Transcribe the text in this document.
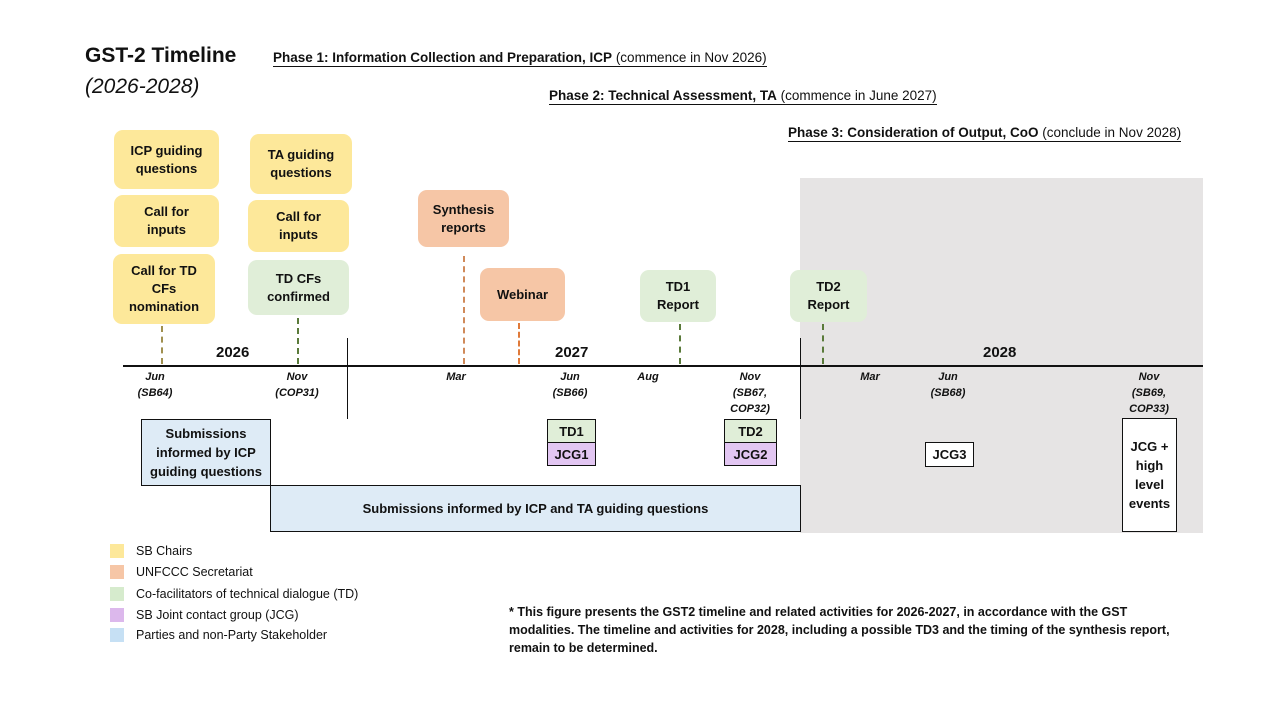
GST-2 Timeline
(2026-2028)
Phase 1: Information Collection and Preparation, ICP (commence in Nov 2026)
Phase 2: Technical Assessment, TA (commence in June 2027)
Phase 3: Consideration of Output, CoO (conclude in Nov 2028)
ICP guiding questions
Call for inputs
Call for TD CFs nomination
TA guiding questions
Call for inputs
TD CFs confirmed
Synthesis reports
Webinar	TD1 Report
TD2 Report
2026	2027	2028
Jun
(SB64)
Nov
(COP31)
Mar	Jun
(SB66)
Aug	Nov
(SB67,
COP32)
Mar	Jun
(SB68)
Nov
(SB69,
COP33)
Submissions informed by ICP guiding questions
Submissions informed by ICP and TA guiding questions
TD1
JCG1
TD2
JCG2	JCG3
JCG + high level events
SB Chairs
UNFCCC Secretariat
Co-facilitators of technical dialogue (TD)
SB Joint contact group (JCG)
Parties and non-Party Stakeholder
* This figure presents the GST2 timeline and related activities for 2026-2027, in accordance with the GST modalities. The timeline and activities for 2028, including a possible TD3 and the timing of the synthesis report, remain to be determined.
